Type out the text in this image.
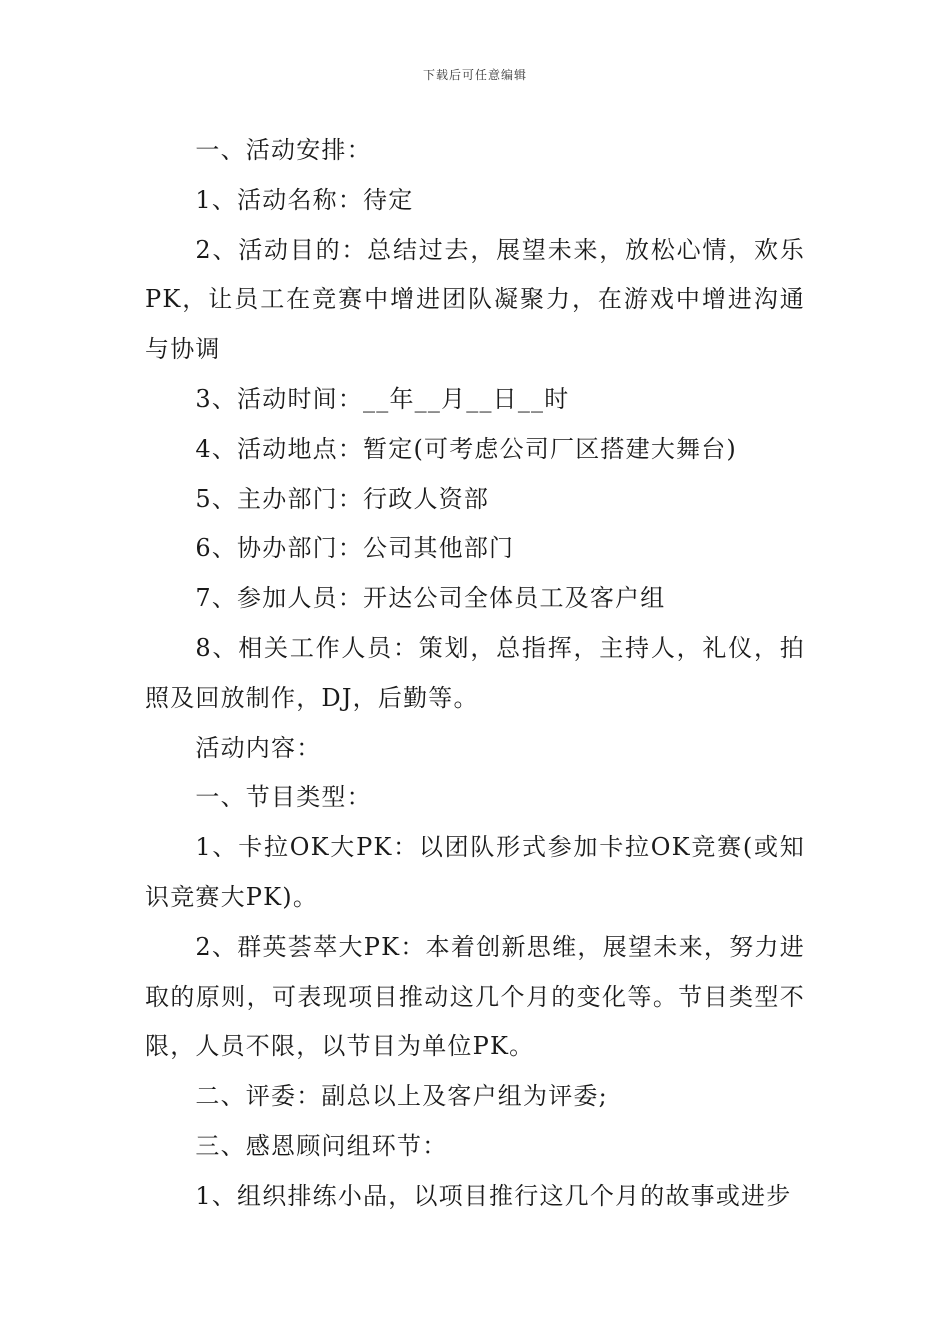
下载后可任意编辑

一、活动安排：

1、活动名称：待定

2、活动目的：总结过去，展望未来，放松心情，欢乐PK，让员工在竞赛中增进团队凝聚力，在游戏中增进沟通与协调

3、活动时间：__年__月__日__时

4、活动地点：暂定(可考虑公司厂区搭建大舞台)

5、主办部门：行政人资部

6、协办部门：公司其他部门

7、参加人员：开达公司全体员工及客户组

8、相关工作人员：策划，总指挥，主持人，礼仪，拍照及回放制作，DJ，后勤等。

活动内容：

一、节目类型：

1、卡拉OK大PK：以团队形式参加卡拉OK竞赛(或知识竞赛大PK)。

2、群英荟萃大PK：本着创新思维，展望未来，努力进取的原则，可表现项目推动这几个月的变化等。节目类型不限，人员不限，以节目为单位PK。

二、评委：副总以上及客户组为评委;

三、感恩顾问组环节：

1、组织排练小品，以项目推行这几个月的故事或进步
